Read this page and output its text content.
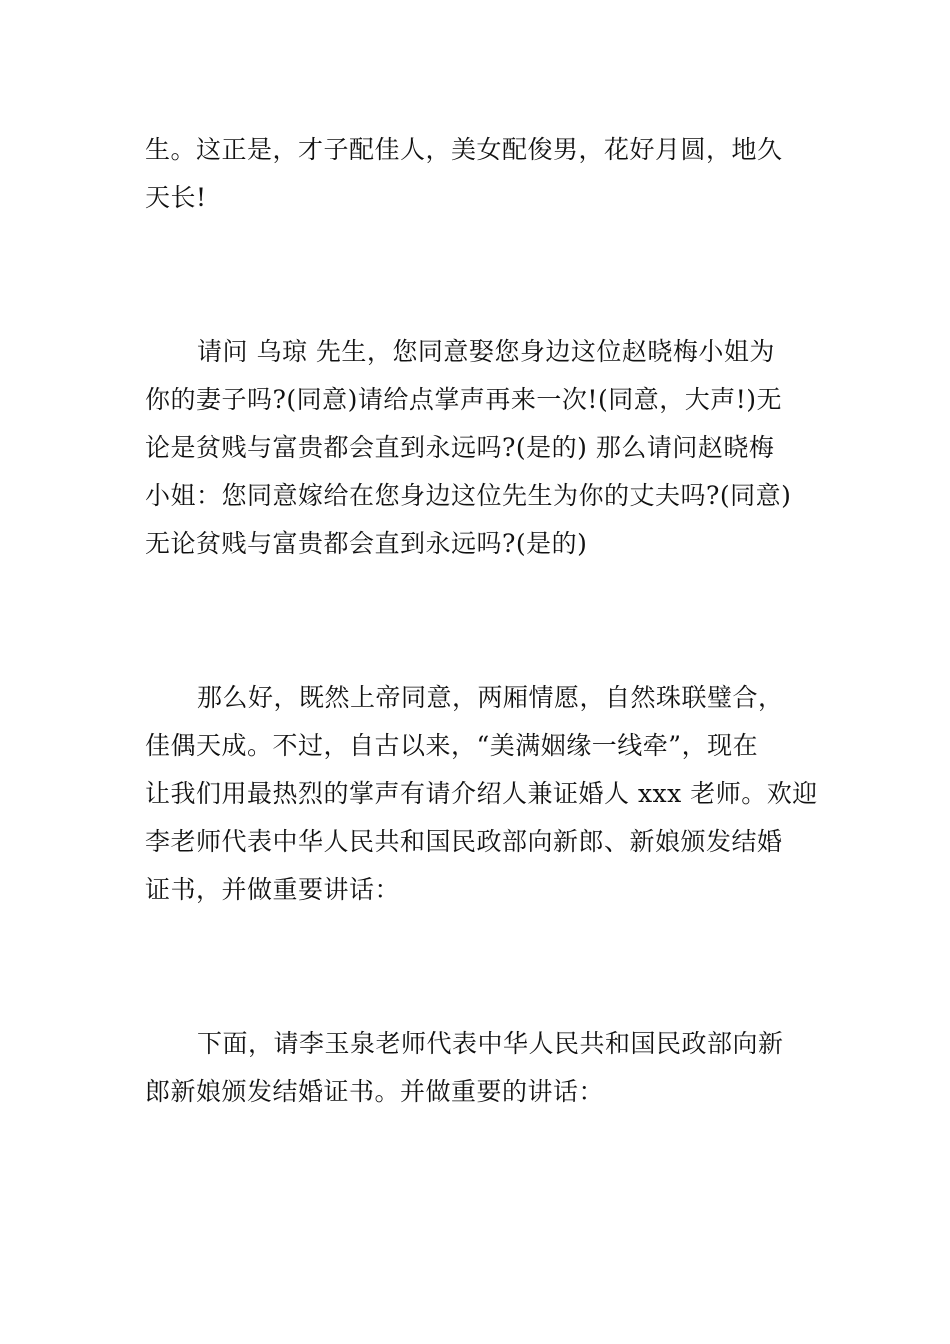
生。这正是，才子配佳人，美女配俊男，花好月圆，地久
天长!
请问 乌琼 先生，您同意娶您身边这位赵晓梅小姐为
你的妻子吗?(同意)请给点掌声再来一次!(同意，大声!)无
论是贫贱与富贵都会直到永远吗?(是的) 那么请问赵晓梅
小姐：您同意嫁给在您身边这位先生为你的丈夫吗?(同意)
无论贫贱与富贵都会直到永远吗?(是的)
那么好，既然上帝同意，两厢情愿，自然珠联璧合，
佳偶天成。不过，自古以来，“美满姻缘一线牵”，现在
让我们用最热烈的掌声有请介绍人兼证婚人 xxx 老师。欢迎
李老师代表中华人民共和国民政部向新郎、新娘颁发结婚
证书，并做重要讲话：
下面，请李玉泉老师代表中华人民共和国民政部向新
郎新娘颁发结婚证书。并做重要的讲话：
